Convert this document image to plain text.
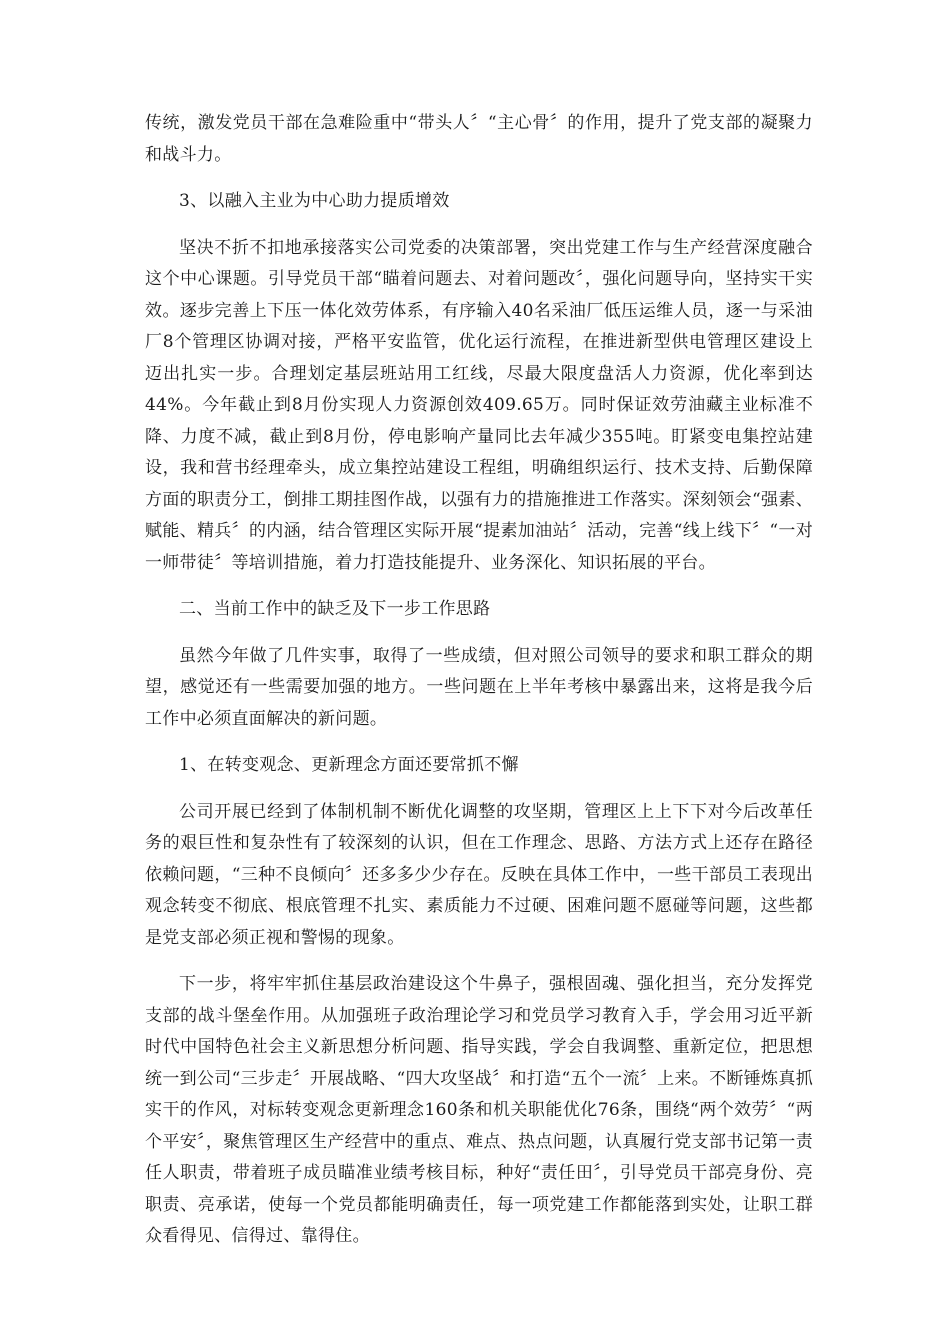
传统，激发党员干部在急难险重中“带头人〞“主心骨〞的作用，提升了党支部的凝聚力和战斗力。

3、以融入主业为中心助力提质增效

坚决不折不扣地承接落实公司党委的决策部署，突出党建工作与生产经营深度融合这个中心课题。引导党员干部“瞄着问题去、对着问题改〞，强化问题导向，坚持实干实效。逐步完善上下压一体化效劳体系，有序输入40名采油厂低压运维人员，逐一与采油厂8个管理区协调对接，严格平安监管，优化运行流程，在推进新型供电管理区建设上迈出扎实一步。合理划定基层班站用工红线，尽最大限度盘活人力资源，优化率到达44%。今年截止到8月份实现人力资源创效409.65万。同时保证效劳油藏主业标准不降、力度不减，截止到8月份，停电影响产量同比去年减少355吨。盯紧变电集控站建设，我和营书经理牵头，成立集控站建设工程组，明确组织运行、技术支持、后勤保障方面的职责分工，倒排工期挂图作战，以强有力的措施推进工作落实。深刻领会“强素、赋能、精兵〞的内涵，结合管理区实际开展“提素加油站〞活动，完善“线上线下〞“一对一师带徒〞等培训措施，着力打造技能提升、业务深化、知识拓展的平台。

二、当前工作中的缺乏及下一步工作思路

虽然今年做了几件实事，取得了一些成绩，但对照公司领导的要求和职工群众的期望，感觉还有一些需要加强的地方。一些问题在上半年考核中暴露出来，这将是我今后工作中必须直面解决的新问题。

1、在转变观念、更新理念方面还要常抓不懈

公司开展已经到了体制机制不断优化调整的攻坚期，管理区上上下下对今后改革任务的艰巨性和复杂性有了较深刻的认识，但在工作理念、思路、方法方式上还存在路径依赖问题，“三种不良倾向〞还多多少少存在。反映在具体工作中，一些干部员工表现出观念转变不彻底、根底管理不扎实、素质能力不过硬、困难问题不愿碰等问题，这些都是党支部必须正视和警惕的现象。

下一步，将牢牢抓住基层政治建设这个牛鼻子，强根固魂、强化担当，充分发挥党支部的战斗堡垒作用。从加强班子政治理论学习和党员学习教育入手，学会用习近平新时代中国特色社会主义新思想分析问题、指导实践，学会自我调整、重新定位，把思想统一到公司“三步走〞开展战略、“四大攻坚战〞和打造“五个一流〞上来。不断锤炼真抓实干的作风，对标转变观念更新理念160条和机关职能优化76条，围绕“两个效劳〞“两个平安〞，聚焦管理区生产经营中的重点、难点、热点问题，认真履行党支部书记第一责任人职责，带着班子成员瞄准业绩考核目标，种好“责任田〞，引导党员干部亮身份、亮职责、亮承诺，使每一个党员都能明确责任，每一项党建工作都能落到实处，让职工群众看得见、信得过、靠得住。
